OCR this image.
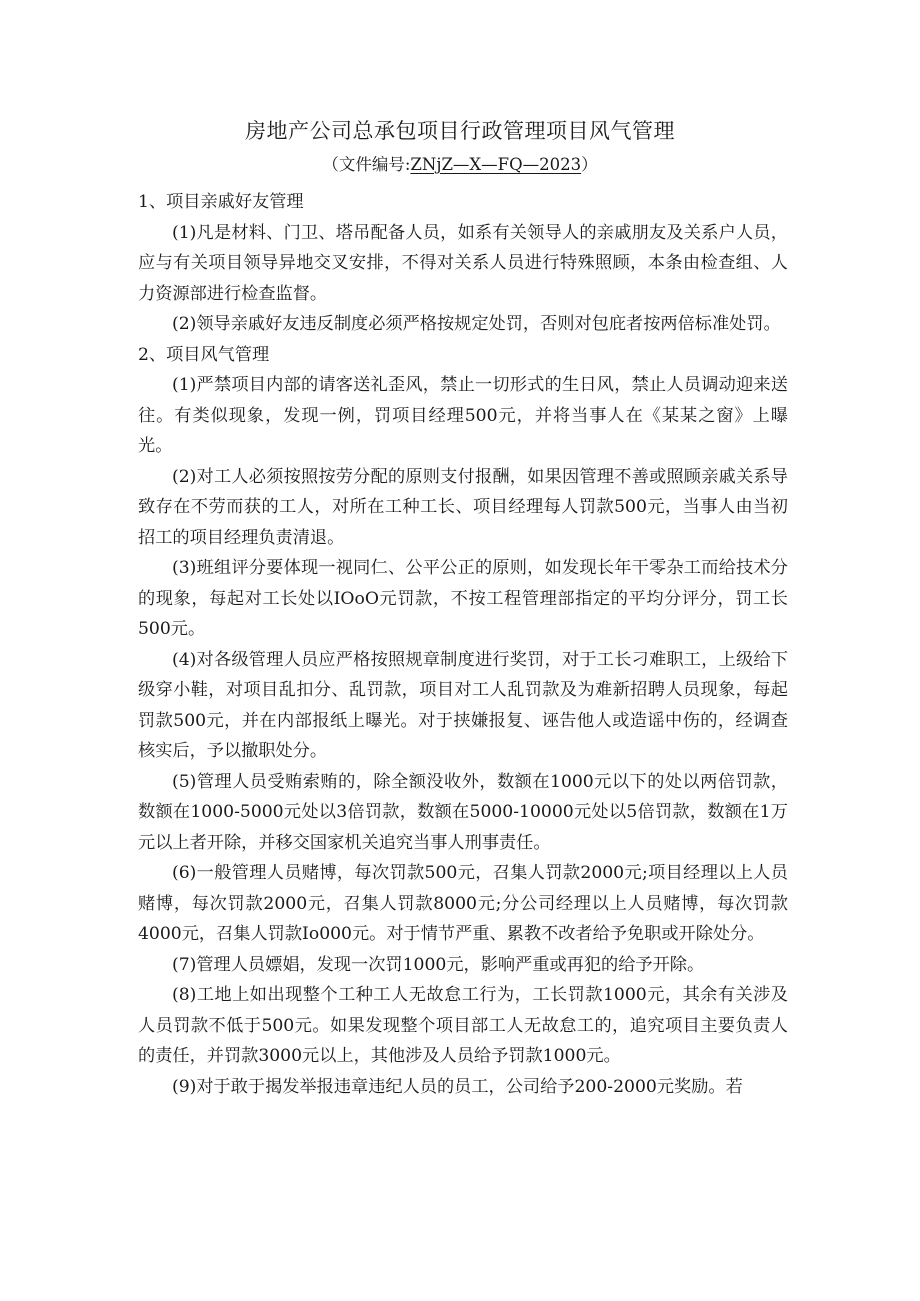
房地产公司总承包项目行政管理项目风气管理
（文件编号:ZNjZ—X—FQ—2023）

1、项目亲戚好友管理

(1)凡是材料、门卫、塔吊配备人员，如系有关领导人的亲戚朋友及关系户人员，应与有关项目领导异地交叉安排，不得对关系人员进行特殊照顾，本条由检查组、人力资源部进行检查监督。

(2)领导亲戚好友违反制度必须严格按规定处罚，否则对包庇者按两倍标准处罚。

2、项目风气管理

(1)严禁项目内部的请客送礼歪风，禁止一切形式的生日风，禁止人员调动迎来送往。有类似现象，发现一例，罚项目经理500元，并将当事人在《某某之窗》上曝光。

(2)对工人必须按照按劳分配的原则支付报酬，如果因管理不善或照顾亲戚关系导致存在不劳而获的工人，对所在工种工长、项目经理每人罚款500元，当事人由当初招工的项目经理负责清退。

(3)班组评分要体现一视同仁、公平公正的原则，如发现长年干零杂工而给技术分的现象，每起对工长处以IOoO元罚款，不按工程管理部指定的平均分评分，罚工长500元。

(4)对各级管理人员应严格按照规章制度进行奖罚，对于工长刁难职工，上级给下级穿小鞋，对项目乱扣分、乱罚款，项目对工人乱罚款及为难新招聘人员现象，每起罚款500元，并在内部报纸上曝光。对于挟嫌报复、诬告他人或造谣中伤的，经调查核实后，予以撤职处分。

(5)管理人员受贿索贿的，除全额没收外，数额在1000元以下的处以两倍罚款，数额在1000-5000元处以3倍罚款，数额在5000-10000元处以5倍罚款，数额在1万元以上者开除，并移交国家机关追究当事人刑事责任。

(6)一般管理人员赌博，每次罚款500元，召集人罚款2000元;项目经理以上人员赌博，每次罚款2000元，召集人罚款8000元;分公司经理以上人员赌博，每次罚款4000元，召集人罚款Io000元。对于情节严重、累教不改者给予免职或开除处分。

(7)管理人员嫖娼，发现一次罚1000元，影响严重或再犯的给予开除。

(8)工地上如出现整个工种工人无故怠工行为，工长罚款1000元，其余有关涉及人员罚款不低于500元。如果发现整个项目部工人无故怠工的，追究项目主要负责人的责任，并罚款3000元以上，其他涉及人员给予罚款1000元。

(9)对于敢于揭发举报违章违纪人员的员工，公司给予200-2000元奖励。若
